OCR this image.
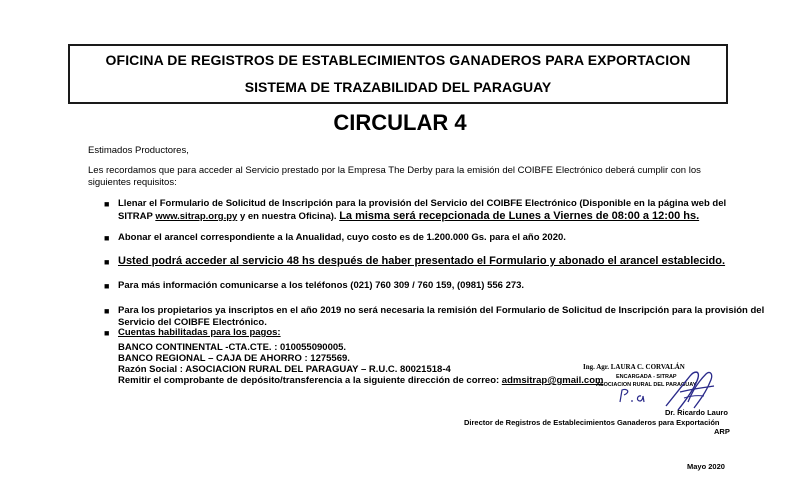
OFICINA DE REGISTROS DE ESTABLECIMIENTOS GANADEROS PARA EXPORTACION
SISTEMA DE TRAZABILIDAD DEL PARAGUAY
CIRCULAR 4
Estimados Productores,
Les recordamos que para acceder al Servicio prestado por la Empresa The Derby para la emisión del COIBFE Electrónico deberá cumplir con los
siguientes requisitos:
■ Llenar el Formulario de Solicitud de Inscripción para la provisión del Servicio del COIBFE Electrónico (Disponible en la página web del
SITRAP www.sitrap.org.py y en nuestra Oficina). La misma será recepcionada de Lunes a Viernes de 08:00 a 12:00 hs.
■ Abonar el arancel correspondiente a la Anualidad, cuyo costo es de 1.200.000 Gs. para el año 2020.
■ Usted podrá acceder al servicio 48 hs después de haber presentado el Formulario y abonado el arancel establecido.
■ Para más información comunicarse a los teléfonos (021) 760 309 / 760 159, (0981) 556 273.
■ Para los propietarios ya inscriptos en el año 2019 no será necesaria la remisión del Formulario de Solicitud de Inscripción para la provisión del
Servicio del COIBFE Electrónico.
■ Cuentas habilitadas para los pagos:
BANCO CONTINENTAL -CTA.CTE. : 010055090005.
BANCO REGIONAL – CAJA DE AHORRO : 1275569.
Razón Social : ASOCIACION RURAL DEL PARAGUAY – R.U.C. 80021518-4
Remitir el comprobante de depósito/transferencia a la siguiente dirección de correo: admsitrap@gmail.com
Ing. Agr. LAURA C. CORVALÁN
ENCARGADA - SITRAP
ASOCIACION RURAL DEL PARAGUAY
Dr. Ricardo Lauro
Director de Registros de Establecimientos Ganaderos para Exportación
ARP
Mayo 2020
